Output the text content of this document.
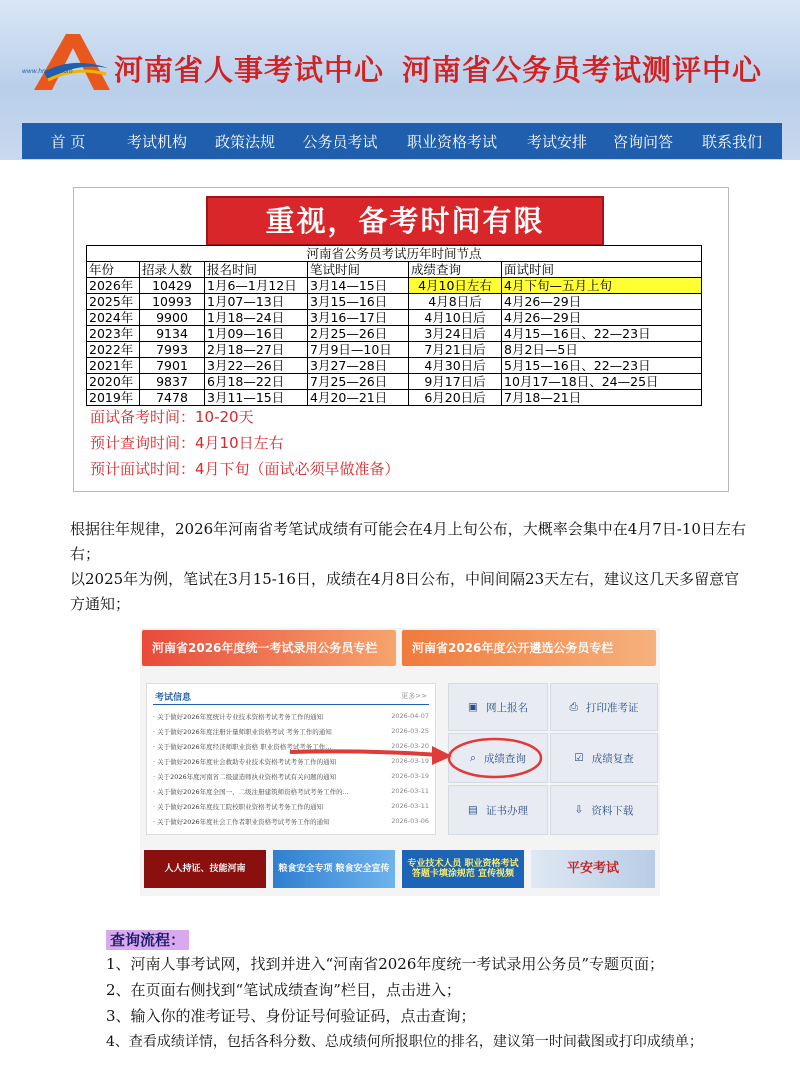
www.hnrsks.com 河南省人事考试中心 河南省公务员考试测评中心
首 页	考试机构	政策法规	公务员考试	职业资格考试	考试安排	咨询问答	联系我们
重视，备考时间有限
河南省公务员考试历年时间节点					
年份	招录人数	报名时间	笔试时间	成绩查询	面试时间
2026年	10429	1月6—1月12日	3月14—15日	4月10日左右	4月下旬—五月上旬
2025年	10993	1月07—13日	3月15—16日	4月8日后	4月26—29日
2024年	9900	1月18—24日	3月16—17日	4月10日后	4月26—29日
2023年	9134	1月09—16日	2月25—26日	3月24日后	4月15—16日、22—23日
2022年	7993	2月18—27日	7月9日—10日	7月21日后	8月2日—5日
2021年	7901	3月22—26日	3月27—28日	4月30日后	5月15—16日、22—23日
2020年	9837	6月18—22日	7月25—26日	9月17日后	10月17—18日、24—25日
2019年	7478	3月11—15日	4月20—21日	6月20日后	7月18—21日
面试备考时间：10-20天
预计查询时间：4月10日左右
预计面试时间：4月下旬（面试必须早做准备）
根据往年规律，2026年河南省考笔试成绩有可能会在4月上旬公布，大概率会集中在4月7日-10日左右右；
以2025年为例，笔试在3月15-16日，成绩在4月8日公布，中间间隔23天左右，建议这几天多留意官方通知；
河南省2026年度统一考试录用公务员专栏	河南省2026年度公开遴选公务员专栏
考试信息	更多>>
· 关于做好2026年度统计专业技术资格考试考务工作的通知	2026-04-07
· 关于做好2026年度注册计量师职业资格考试 考务工作的通知	2026-03-25
· 关于做好2026年度经济师职业资格 职业资格考试考务工作...	2026-03-20
· 关于做好2026年度社会救助专业技术资格考试考务工作的通知	2026-03-19
· 关于2026年度河南省二级建造师执业资格考试有关问题的通知	2026-03-19
· 关于做好2026年度全国一、二级注册建筑师资格考试考务工作的...	2026-03-11
· 关于做好2026年度技工院校职业资格考试考务工作的通知	2026-03-11
· 关于做好2026年度社会工作者职业资格考试考务工作的通知	2026-03-06
▣ 网上报名	⎙ 打印准考证
⌕ 成绩查询	☑ 成绩复查
▤ 证书办理	⇩ 资料下载
人人持证、技能河南	粮食安全专项 粮食安全宣传	专业技术人员 职业资格考试 答题卡填涂规范 宣传视频	平安考试
查询流程：
1、河南人事考试网，找到并进入“河南省2026年度统一考试录用公务员”专题页面；
2、在页面右侧找到“笔试成绩查询”栏目，点击进入；
3、输入你的准考证号、身份证号何验证码，点击查询；
4、查看成绩详情，包括各科分数、总成绩何所报职位的排名，建议第一时间截图或打印成绩单；
